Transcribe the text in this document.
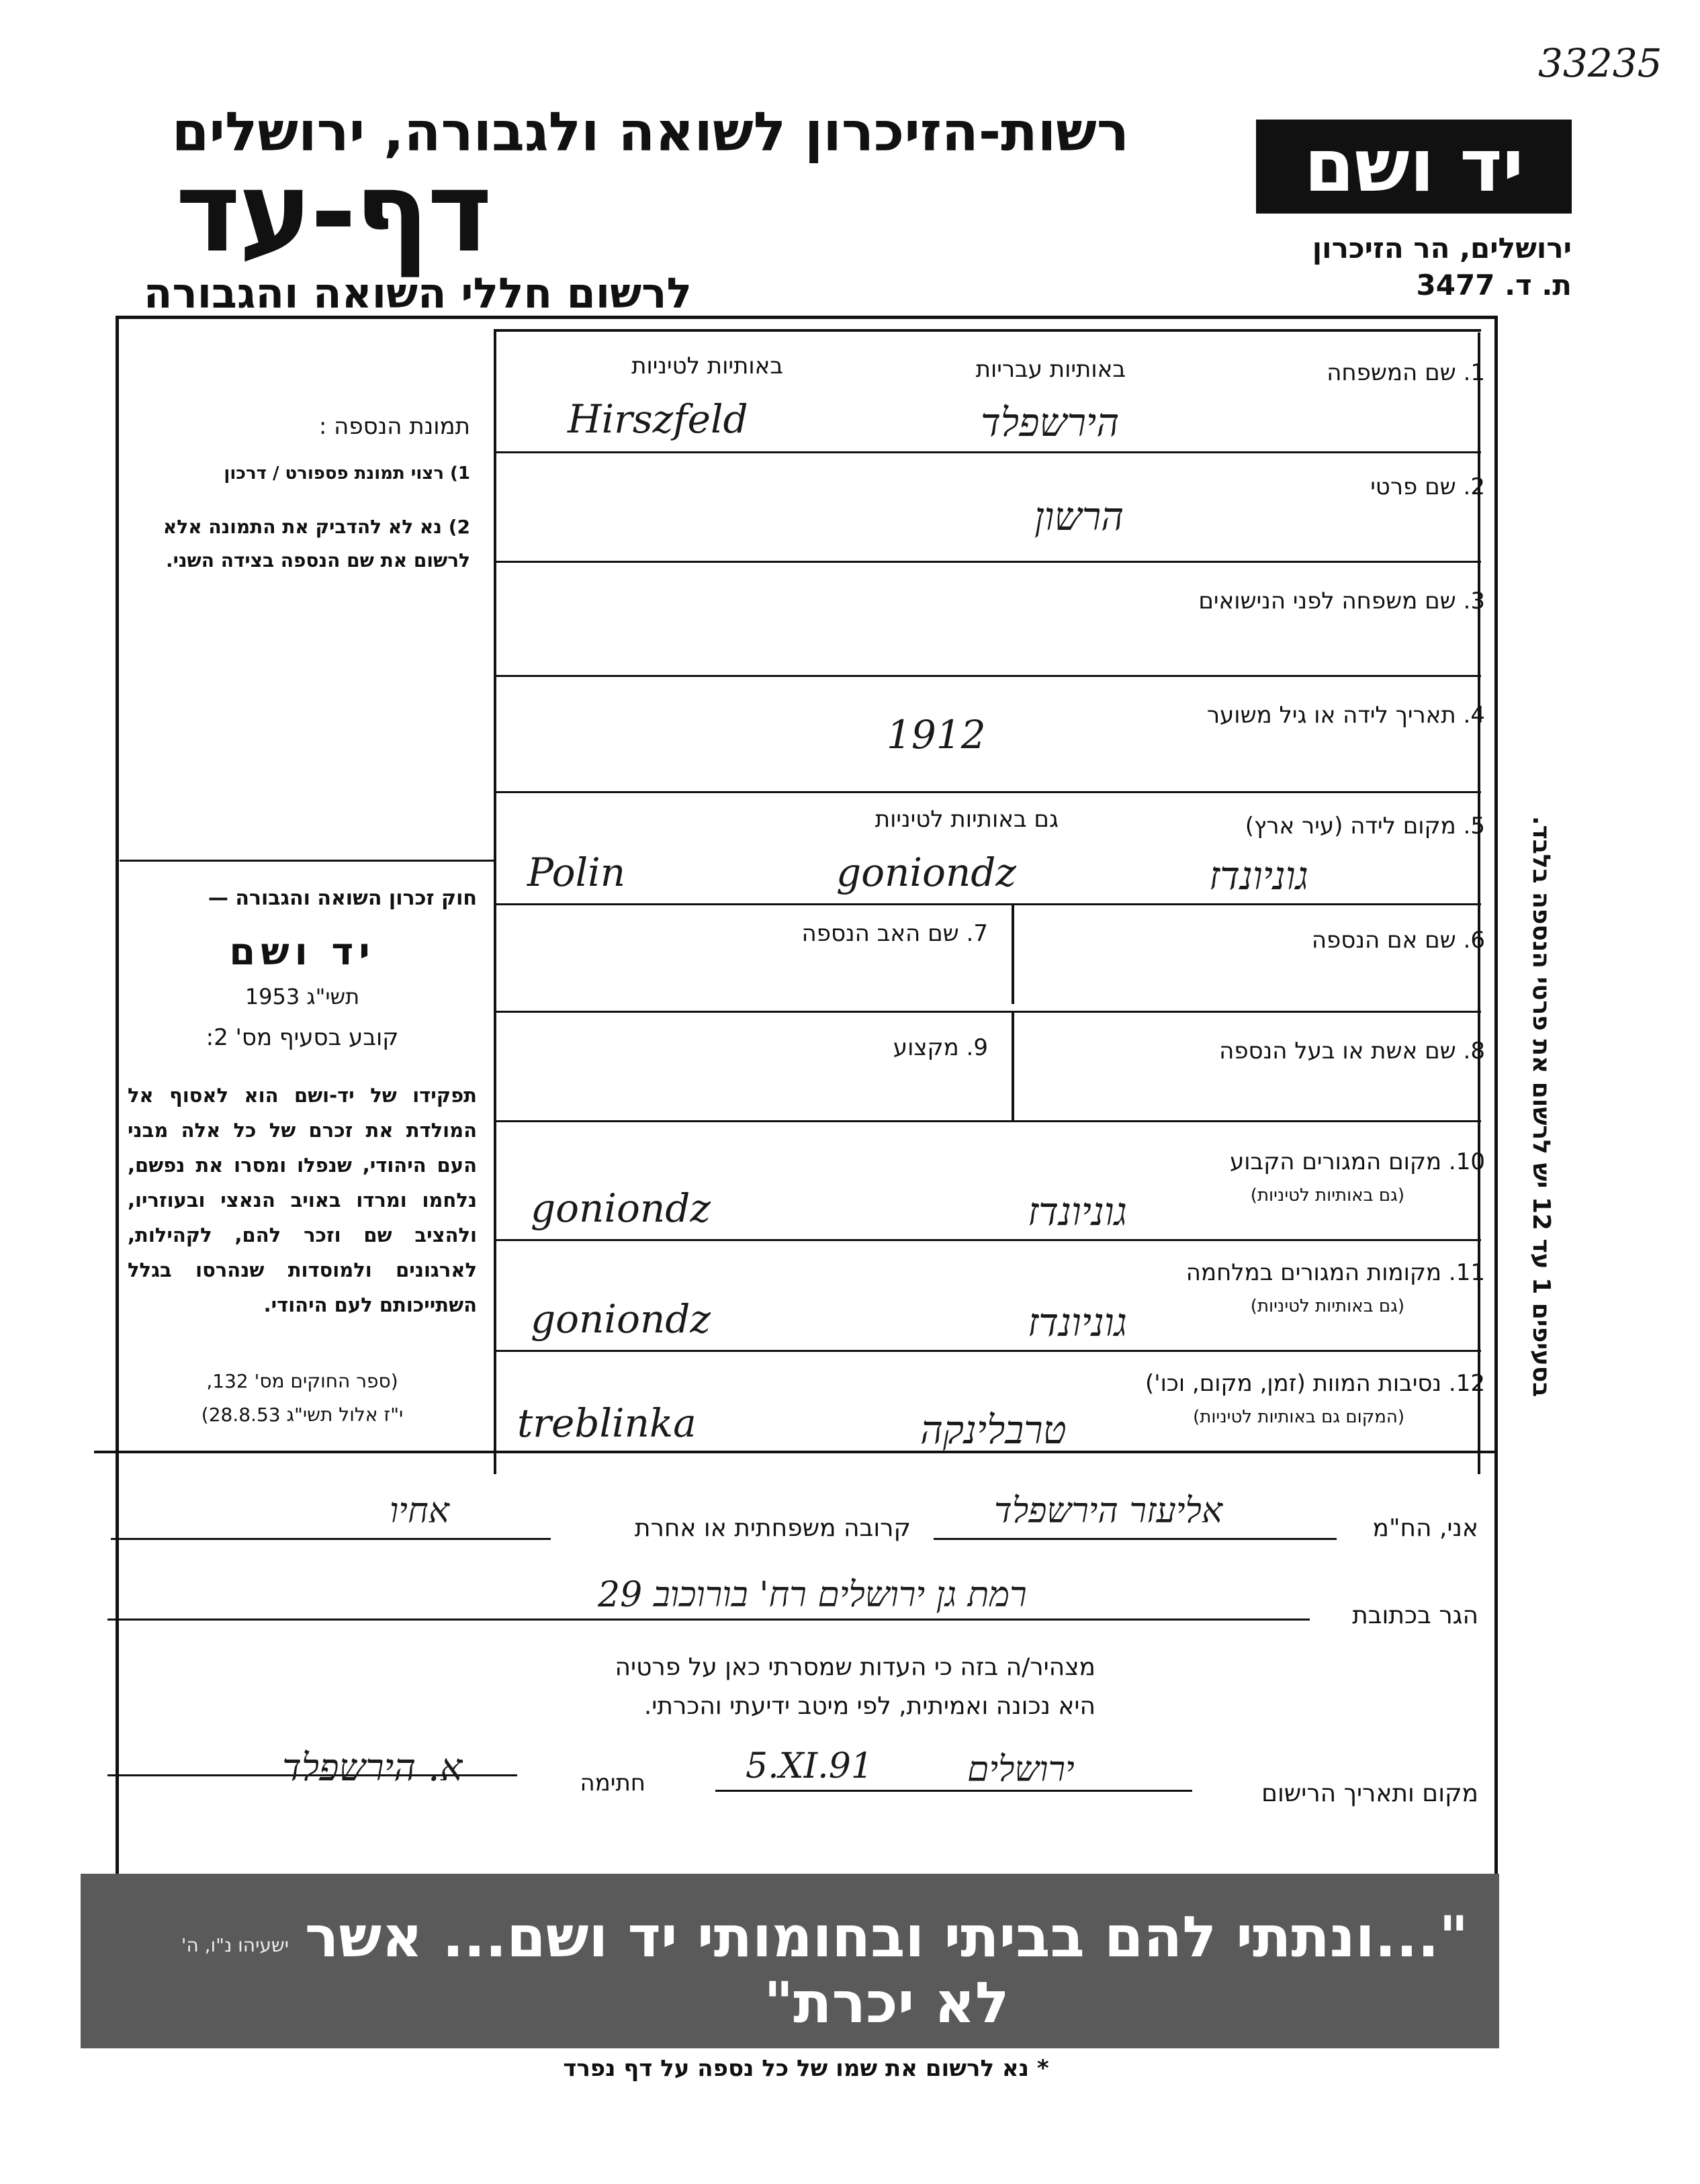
33235
רשות-הזיכרון לשואה ולגבורה, ירושלים
דף-עד
לרשום חללי השואה והגבורה
יד ושם
ירושלים, הר הזיכרון
ת. ד. 3477
תמונת הנספה :
1) רצוי תמונת פספורט / דרכון
2) נא לא להדביק את התמונה אלא לרשום את שם הנספה בצידה השני.
חוק זכרון השואה והגבורה —
יד ושם
תשי"ג 1953
קובע בסעיף מס' 2:
תפקידו של יד-ושם הוא לאסוף אל המולדת את זכרם של כל אלה מבני העם היהודי, שנפלו ומסרו את נפשם, נלחמו ומרדו באויב הנאצי ובעוזריו, ולהציב שם וזכר להם, לקהילות, לארגונים ולמוסדות שנהרסו בגלל השתייכותם לעם היהודי.
(ספר החוקים מס' 132,
י"ז אלול תשי"ג 28.8.53)
1. שם המשפחה
באותיות עבריות
באותיות לטיניות
Hirszfeld	הירשפלד
2. שם פרטי
הרשון
3. שם משפחה לפני הנישואים
4. תאריך לידה או גיל משוער
1912
5. מקום לידה (עיר ארץ)
גם באותיות לטיניות
Polin	goniondz	גוניונדז
6. שם אם הנספה
7. שם האב הנספה
8. שם אשת או בעל הנספה
9. מקצוע
10. מקום המגורים הקבוע
(גם באותיות לטיניות)
goniondz	גוניונדז
11. מקומות המגורים במלחמה
(גם באותיות לטיניות)
goniondz	גוניונדז
12. נסיבות המוות (זמן, מקום, וכו')
(המקום גם באותיות לטיניות)
treblinka	טרבלינקה
בסעיפים 1 עד 12 יש לרשום את פרטי הנספה בלבד.
אני, הח"מ
אליעזר הירשפלד
קרובה משפחתית או אחרת
אחיו
הגר בכתובת
רמת גן ירושלים רח' בורוכוב 29
מצהיר/ה בזה כי העדות שמסרתי כאן על פרטיה
היא נכונה ואמיתית, לפי מיטב ידיעתי והכרתי.
חתימה
א. הירשפלד
מקום ותאריך הרישום
ירושלים
5.XI.91
"...ונתתי להם בביתי ובחומותי יד ושם... אשר לא יכרת"
ישעיהו נ"ו, ה'
* נא לרשום את שמו של כל נספה על דף נפרד
